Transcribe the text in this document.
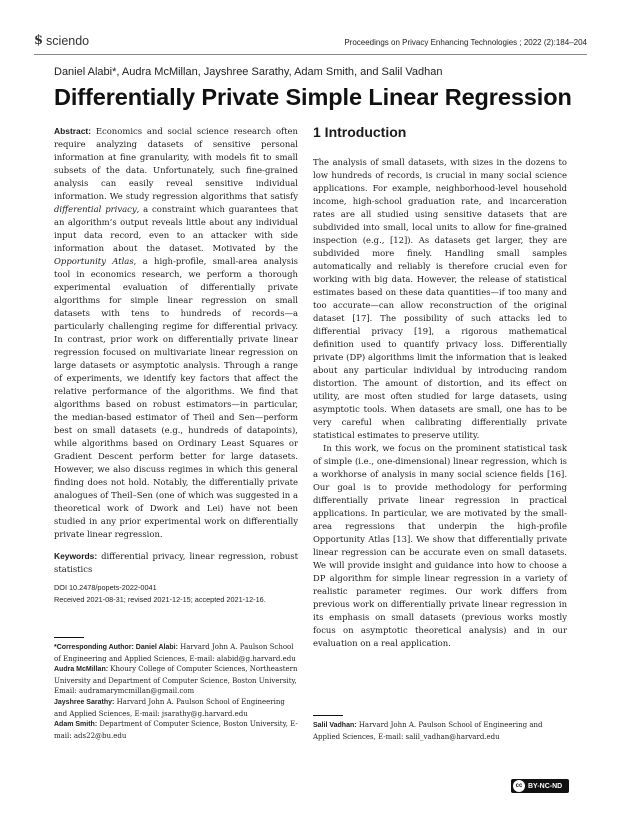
$ sciendo	Proceedings on Privacy Enhancing Technologies ; 2022 (2):184–204
Daniel Alabi*, Audra McMillan, Jayshree Sarathy, Adam Smith, and Salil Vadhan
Differentially Private Simple Linear Regression

Abstract: Economics and social science research often require analyzing datasets of sensitive personal information at fine granularity, with models fit to small subsets of the data. Unfortunately, such fine-grained analysis can easily reveal sensitive individual information. We study regression algorithms that satisfy differential privacy, a constraint which guarantees that an algorithm’s output reveals little about any individual input data record, even to an attacker with side information about the dataset. Motivated by the Opportunity Atlas, a high-profile, small-area analysis tool in economics research, we perform a thorough experimental evaluation of differentially private algorithms for simple linear regression on small datasets with tens to hundreds of records—a particularly challenging regime for differential privacy. In contrast, prior work on differentially private linear regression focused on multivariate linear regression on large datasets or asymptotic analysis. Through a range of experiments, we identify key factors that affect the relative performance of the algorithms. We find that algorithms based on robust estimators—in particular, the median-based estimator of Theil and Sen—perform best on small datasets (e.g., hundreds of datapoints), while algorithms based on Ordinary Least Squares or Gradient Descent perform better for large datasets. However, we also discuss regimes in which this general finding does not hold. Notably, the differentially private analogues of Theil–Sen (one of which was suggested in a theoretical work of Dwork and Lei) have not been studied in any prior experimental work on differentially private linear regression.

Keywords: differential privacy, linear regression, robust statistics

DOI 10.2478/popets-2022-0041
Received 2021-08-31; revised 2021-12-15; accepted 2021-12-16.
*Corresponding Author: Daniel Alabi: Harvard John A. Paulson School of Engineering and Applied Sciences, E-mail: alabid@g.harvard.edu
Audra McMillan: Khoury College of Computer Sciences, Northeastern University and Department of Computer Science, Boston University, Email: audramarymcmillan@gmail.com
Jayshree Sarathy: Harvard John A. Paulson School of Engineering and Applied Sciences, E-mail: jsarathy@g.harvard.edu
Adam Smith: Department of Computer Science, Boston University, E-mail: ads22@bu.edu
1 Introduction

The analysis of small datasets, with sizes in the dozens to low hundreds of records, is crucial in many social science applications. For example, neighborhood-level household income, high-school graduation rate, and incarceration rates are all studied using sensitive datasets that are subdivided into small, local units to allow for fine-grained inspection (e.g., [12]). As datasets get larger, they are subdivided more finely. Handling small samples automatically and reliably is therefore crucial even for working with big data. However, the release of statistical estimates based on these data quantities—if too many and too accurate—can allow reconstruction of the original dataset [17]. The possibility of such attacks led to differential privacy [19], a rigorous mathematical definition used to quantify privacy loss. Differentially private (DP) algorithms limit the information that is leaked about any particular individual by introducing random distortion. The amount of distortion, and its effect on utility, are most often studied for large datasets, using asymptotic tools. When datasets are small, one has to be very careful when calibrating differentially private statistical estimates to preserve utility.

In this work, we focus on the prominent statistical task of simple (i.e., one-dimensional) linear regression, which is a workhorse of analysis in many social science fields [16]. Our goal is to provide methodology for performing differentially private linear regression in practical applications. In particular, we are motivated by the small-area regressions that underpin the high-profile Opportunity Atlas [13]. We show that differentially private linear regression can be accurate even on small datasets. We will provide insight and guidance into how to choose a DP algorithm for simple linear regression in a variety of realistic parameter regimes. Our work differs from previous work on differentially private linear regression in its emphasis on small datasets (previous works mostly focus on asymptotic theoretical analysis) and in our evaluation on a real application.

Salil Vadhan: Harvard John A. Paulson School of Engineering and Applied Sciences, E-mail: salil_vadhan@harvard.edu
cc BY-NC-ND
